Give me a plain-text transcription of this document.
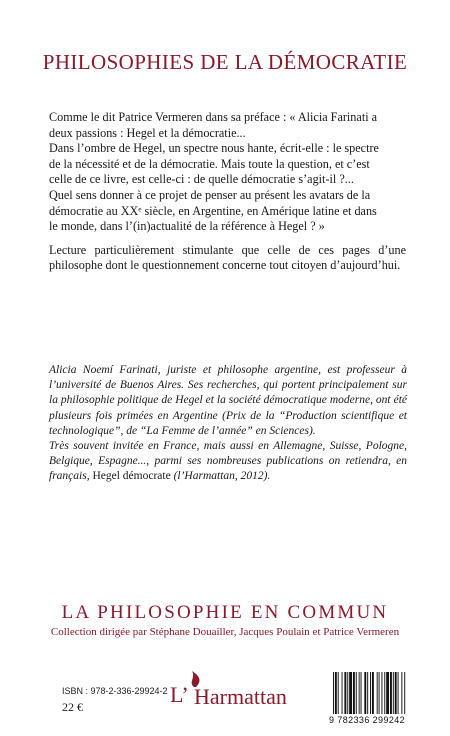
PHILOSOPHIES DE LA DÉMOCRATIE

Comme le dit Patrice Vermeren dans sa préface : « Alicia Farinati a

deux passions : Hegel et la démocratie...

Dans l’ombre de Hegel, un spectre nous hante, écrit-elle : le spectre

de la nécessité et de la démocratie. Mais toute la question, et c’est

celle de ce livre, est celle-ci : de quelle démocratie s’agit-il ?...

Quel sens donner à ce projet de penser au présent les avatars de la

démocratie au XXᵉ siècle, en Argentine, en Amérique latine et dans

le monde, dans l’(in)actualité de la référence à Hegel ? »

Lecture particulièrement stimulante que celle de ces pages d’une philosophe dont le questionnement concerne tout citoyen d’aujourd’hui.

Alicia Noemí Farinati, juriste et philosophe argentine, est professeur à l’université de Buenos Aires. Ses recherches, qui portent principalement sur la philosophie politique de Hegel et la société démocratique moderne, ont été plusieurs fois primées en Argentine (Prix de la “Production scientifique et technologique”, de “La Femme de l’année” en Sciences).

Très souvent invitée en France, mais aussi en Allemagne, Suisse, Pologne, Belgique, Espagne..., parmi ses nombreuses publications on retiendra, en français, Hegel démocrate (l’Harmattan, 2012).

LA PHILOSOPHIE EN COMMUN
Collection dirigée par Stéphane Douailler, Jacques Poulain et Patrice Vermeren
ISBN : 978-2-336-29924-2
22 €	L’ Harmattan
9 782336 299242
